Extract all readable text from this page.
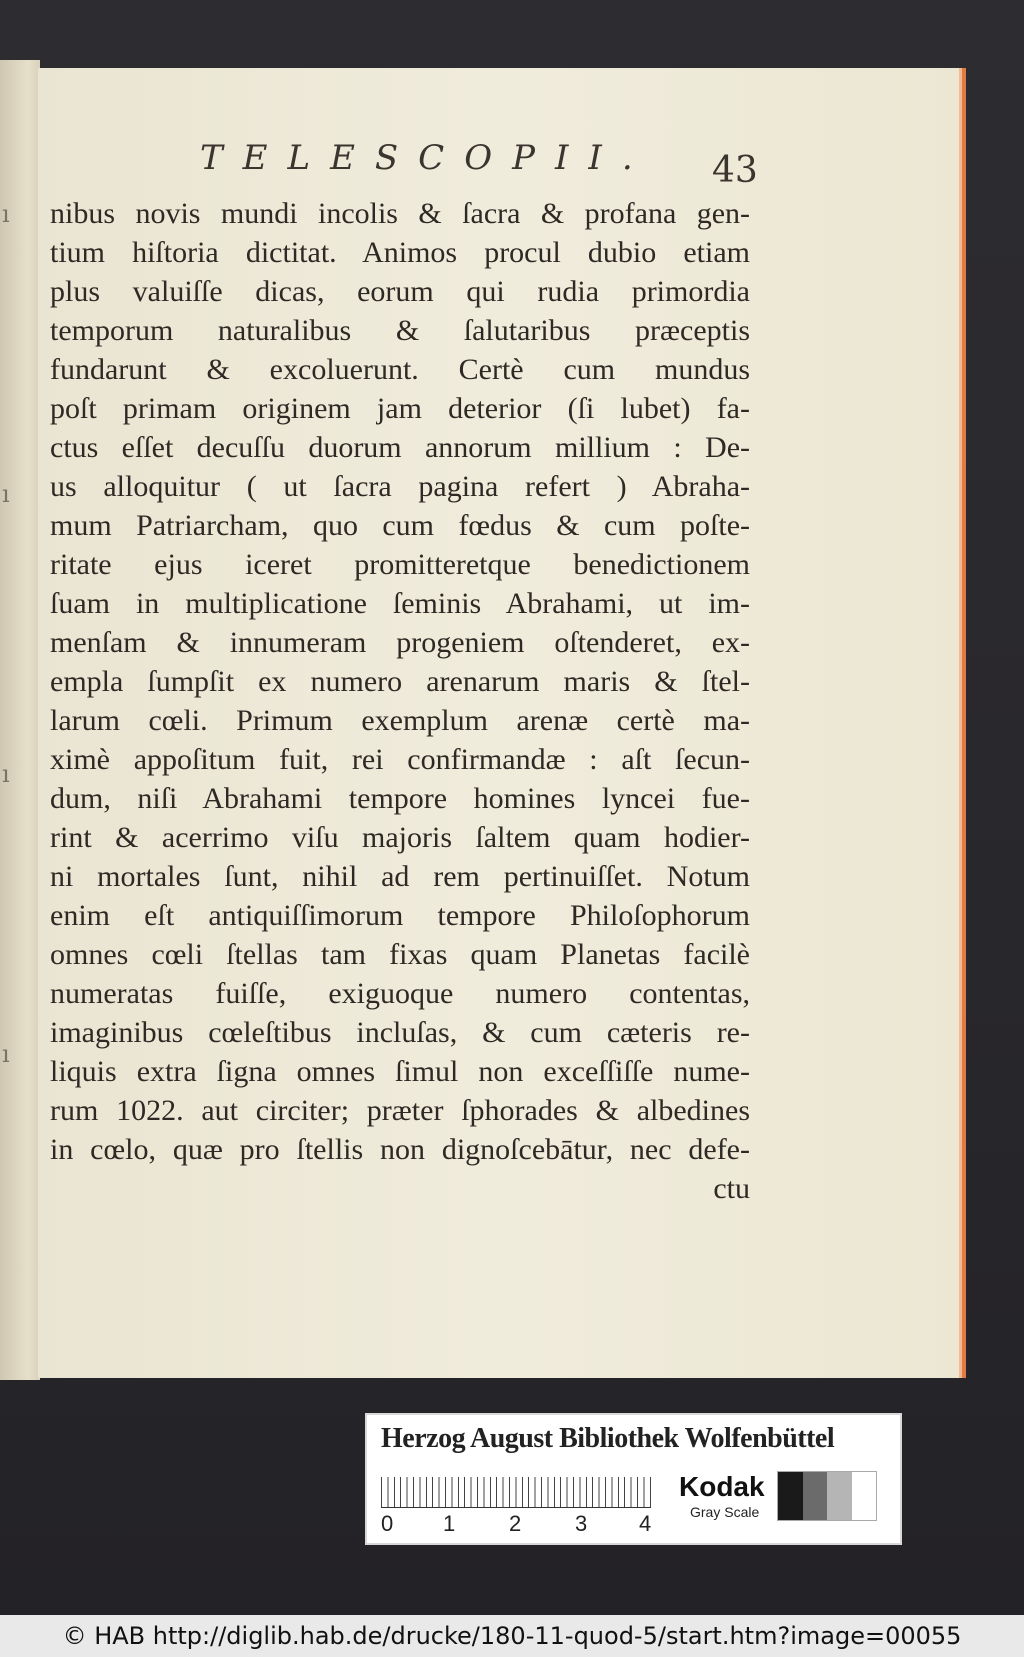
ı
ı
ı
ı
TELESCOPII. 43
nibus novis mundi incolis & ſacra & profana gen-
tium hiſtoria dictitat. Animos procul dubio etiam
plus valuiſſe dicas, eorum qui rudia primordia
temporum naturalibus & ſalutaribus præceptis
fundarunt & excoluerunt. Certè cum mundus
poſt primam originem jam deterior (ſi lubet) fa-
ctus eſſet decuſſu duorum annorum millium : De-
us alloquitur ( ut ſacra pagina refert ) Abraha-
mum Patriarcham, quo cum fœdus & cum poſte-
ritate ejus iceret promitteretque benedictionem
ſuam in multiplicatione ſeminis Abrahami, ut im-
menſam & innumeram progeniem oſtenderet, ex-
empla ſumpſit ex numero arenarum maris & ſtel-
larum cœli. Primum exemplum arenæ certè ma-
ximè appoſitum fuit, rei confirmandæ : aſt ſecun-
dum, niſi Abrahami tempore homines lyncei fue-
rint & acerrimo viſu majoris ſaltem quam hodier-
ni mortales ſunt, nihil ad rem pertinuiſſet. Notum
enim eſt antiquiſſimorum tempore Philoſophorum
omnes cœli ſtellas tam fixas quam Planetas facilè
numeratas fuiſſe, exiguoque numero contentas,
imaginibus cœleſtibus incluſas, & cum cæteris re-
liquis extra ſigna omnes ſimul non exceſſiſſe nume-
rum 1022. aut circiter; præter ſphorades & albedines
in cœlo, quæ pro ſtellis non dignoſcebātur, nec defe-
ctu
Herzog August Bibliothek Wolfenbüttel
0 1 2 3 4
Kodak
Gray Scale
© HAB http://diglib.hab.de/drucke/180-11-quod-5/start.htm?image=00055
